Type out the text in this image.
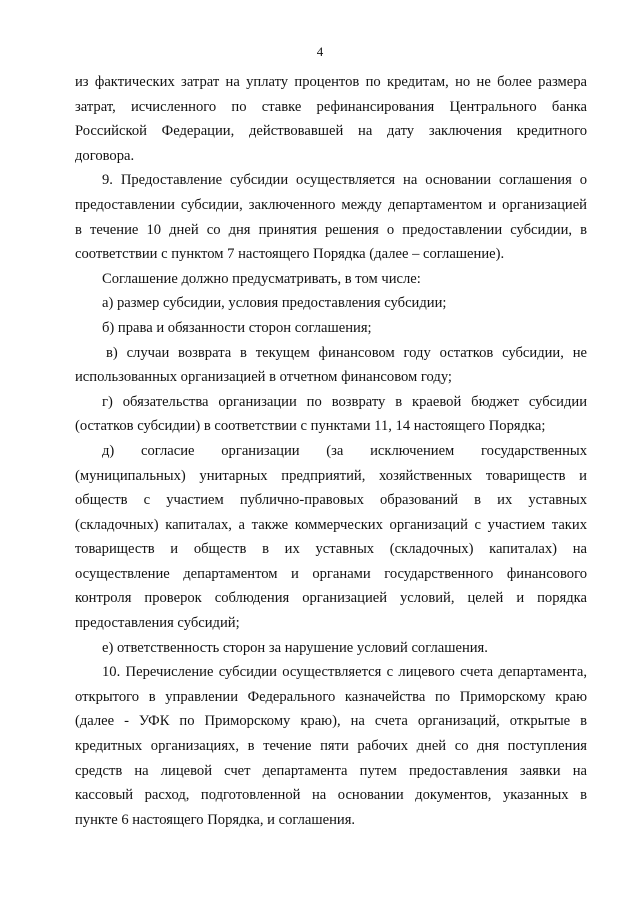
4
из фактических затрат на уплату процентов по кредитам, но не более размера
затрат, исчисленного по ставке рефинансирования Центрального банка
Российской Федерации, действовавшей на дату заключения кредитного
договора.
9. Предоставление субсидии осуществляется на основании соглашения о
предоставлении субсидии, заключенного между департаментом и организацией
в течение 10 дней со дня принятия решения о предоставлении субсидии, в
соответствии с пунктом 7 настоящего Порядка (далее – соглашение).
Соглашение должно предусматривать, в том числе:
а) размер субсидии, условия предоставления субсидии;
б) права и обязанности сторон соглашения;
в) случаи возврата в текущем финансовом году остатков субсидии, не
использованных организацией в отчетном финансовом году;
г) обязательства организации по возврату в краевой бюджет субсидии
(остатков субсидии) в соответствии с пунктами 11, 14 настоящего Порядка;
д) согласие организации (за исключением государственных
(муниципальных) унитарных предприятий, хозяйственных товариществ и
обществ с участием публично-правовых образований в их уставных
(складочных) капиталах, а также коммерческих организаций с участием таких
товариществ и обществ в их уставных (складочных) капиталах) на
осуществление департаментом и органами государственного финансового
контроля проверок соблюдения организацией условий, целей и порядка
предоставления субсидий;
е) ответственность сторон за нарушение условий соглашения.
10. Перечисление субсидии осуществляется с лицевого счета департамента,
открытого в управлении Федерального казначейства по Приморскому краю
(далее - УФК по Приморскому краю), на счета организаций, открытые в
кредитных организациях, в течение пяти рабочих дней со дня поступления
средств на лицевой счет департамента путем предоставления заявки на
кассовый расход, подготовленной на основании документов, указанных в
пункте 6 настоящего Порядка, и соглашения.
